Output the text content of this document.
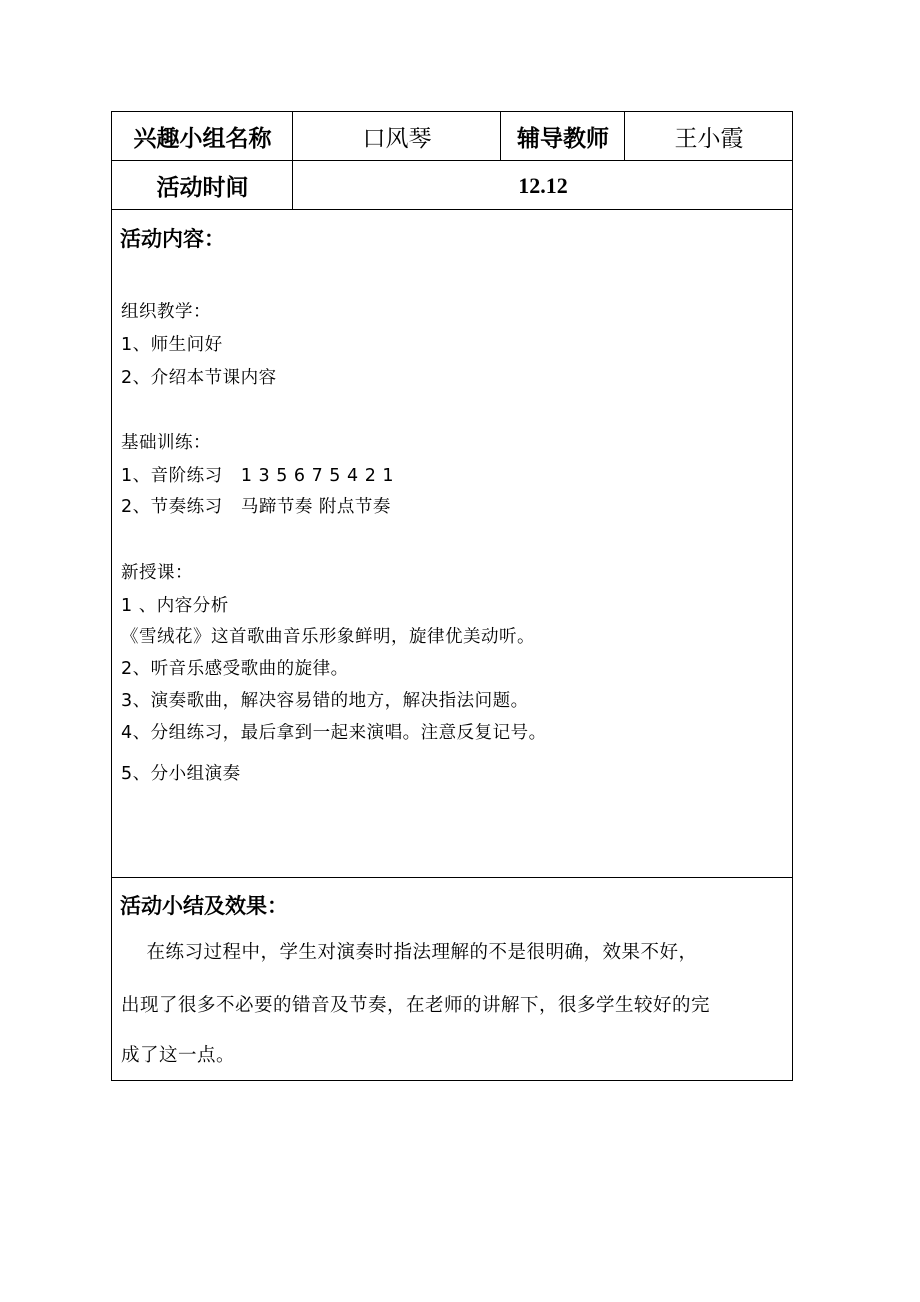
兴趣小组名称	口风琴	辅导教师	王小霞
活动时间	12.12
活动内容：
组织教学：
1、师生问好
2、介绍本节课内容
基础训练：
1、音阶练习   1 3 5 6 7 5 4 2 1
2、节奏练习   马蹄节奏 附点节奏
新授课：
1 、内容分析
《雪绒花》这首歌曲音乐形象鲜明，旋律优美动听。
2、听音乐感受歌曲的旋律。
3、演奏歌曲，解决容易错的地方，解决指法问题。
4、分组练习，最后拿到一起来演唱。注意反复记号。
5、分小组演奏
活动小结及效果：
在练习过程中，学生对演奏时指法理解的不是很明确，效果不好，
出现了很多不必要的错音及节奏，在老师的讲解下，很多学生较好的完
成了这一点。
